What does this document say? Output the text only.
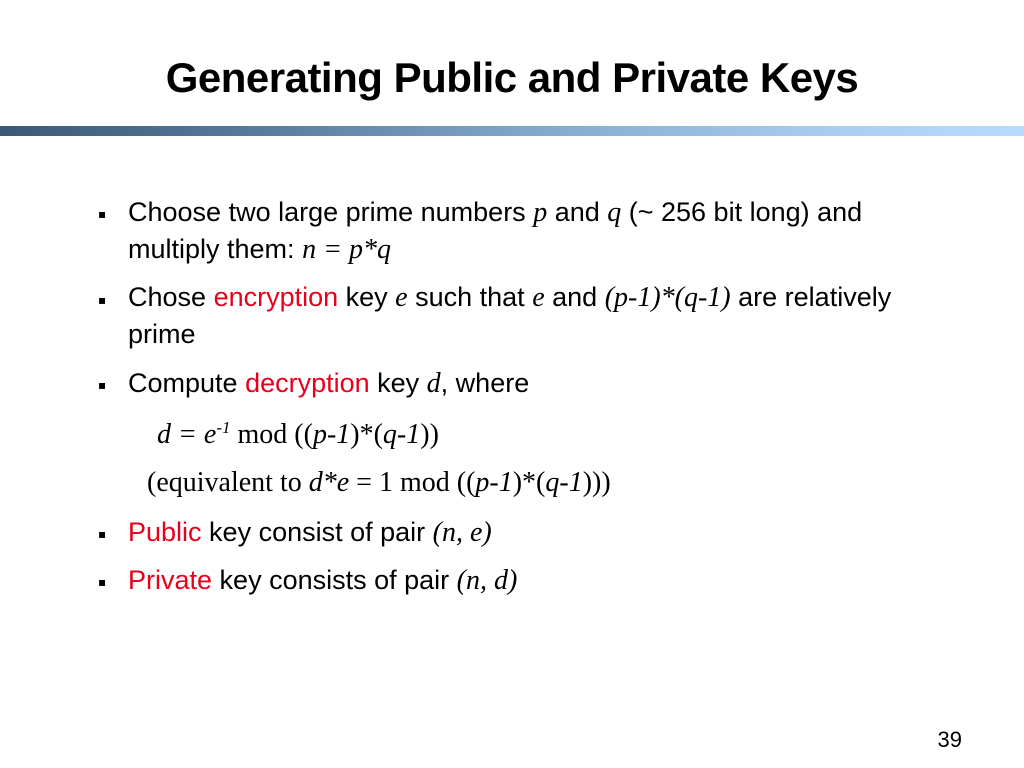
Generating Public and Private Keys
▪ Choose two large prime numbers p and q (~ 256 bit long) and multiply them: n = p*q
▪ Chose encryption key e such that e and (p-1)*(q-1) are relatively prime
▪ Compute decryption key d, where
$d = e^{-1}$ mod ((p-1)*(q-1))
(equivalent to d*e = 1 mod ((p-1)*(q-1)))
▪ Public key consist of pair (n, e)
▪ Private key consists of pair (n, d)
39
